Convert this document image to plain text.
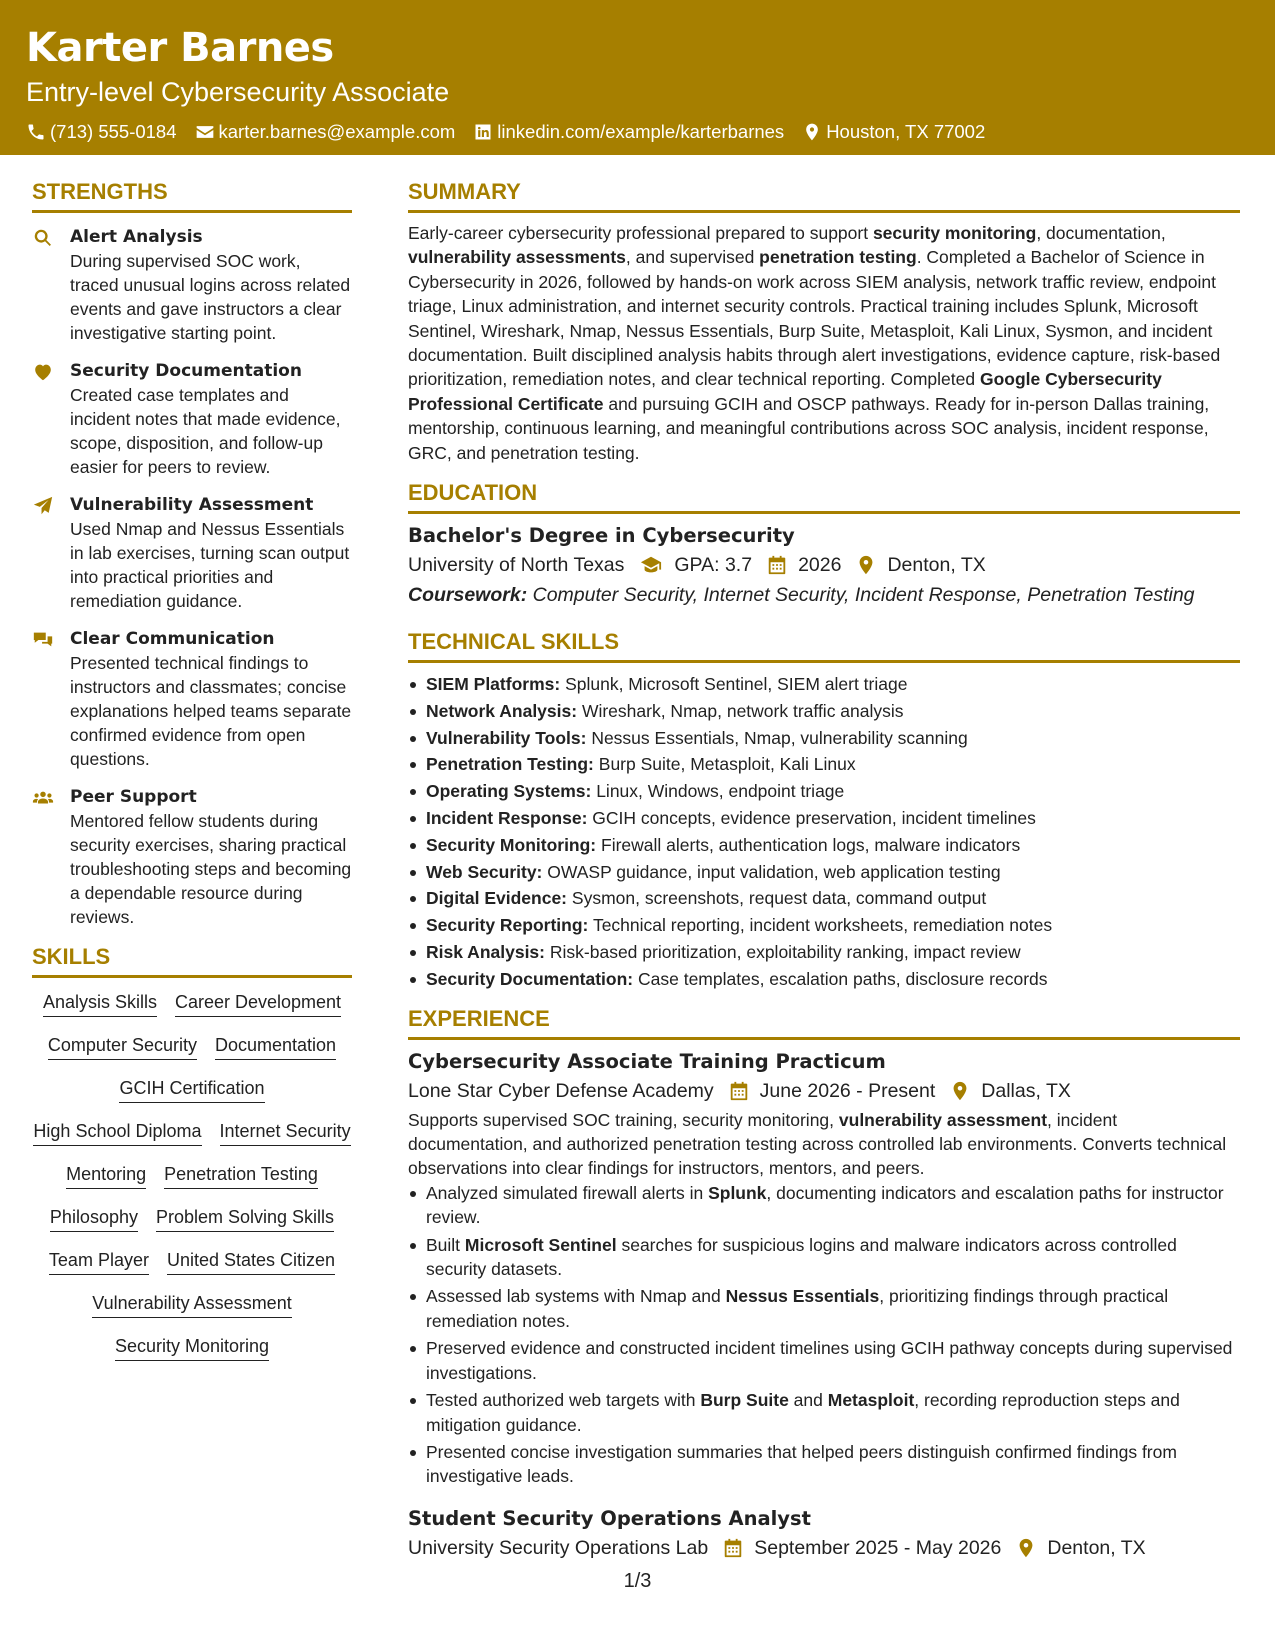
Karter Barnes
Entry-level Cybersecurity Associate
(713) 555-0184 karter.barnes@example.com linkedin.com/example/karterbarnes Houston, TX 77002
STRENGTHS
Alert Analysis
During supervised SOC work, traced unusual logins across related events and gave instructors a clear investigative starting point.
Security Documentation
Created case templates and incident notes that made evidence, scope, disposition, and follow-up easier for peers to review.
Vulnerability Assessment
Used Nmap and Nessus Essentials in lab exercises, turning scan output into practical priorities and remediation guidance.
Clear Communication
Presented technical findings to instructors and classmates; concise explanations helped teams separate confirmed evidence from open questions.
Peer Support
Mentored fellow students during security exercises, sharing practical troubleshooting steps and becoming a dependable resource during reviews.
SKILLS
Analysis Skills Career Development
Computer Security Documentation
GCIH Certification
High School Diploma Internet Security
Mentoring Penetration Testing
Philosophy Problem Solving Skills
Team Player United States Citizen
Vulnerability Assessment
Security Monitoring
SUMMARY
Early-career cybersecurity professional prepared to support security monitoring, documentation, vulnerability assessments, and supervised penetration testing. Completed a Bachelor of Science in Cybersecurity in 2026, followed by hands-on work across SIEM analysis, network traffic review, endpoint triage, Linux administration, and internet security controls. Practical training includes Splunk, Microsoft Sentinel, Wireshark, Nmap, Nessus Essentials, Burp Suite, Metasploit, Kali Linux, Sysmon, and incident documentation. Built disciplined analysis habits through alert investigations, evidence capture, risk-based prioritization, remediation notes, and clear technical reporting. Completed Google Cybersecurity Professional Certificate and pursuing GCIH and OSCP pathways. Ready for in-person Dallas training, mentorship, continuous learning, and meaningful contributions across SOC analysis, incident response, GRC, and penetration testing.
EDUCATION
Bachelor's Degree in Cybersecurity
University of North Texas	GPA: 3.7 2026 Denton, TX
Coursework: Computer Security, Internet Security, Incident Response, Penetration Testing
TECHNICAL SKILLS
SIEM Platforms: Splunk, Microsoft Sentinel, SIEM alert triage
Network Analysis: Wireshark, Nmap, network traffic analysis
Vulnerability Tools: Nessus Essentials, Nmap, vulnerability scanning
Penetration Testing: Burp Suite, Metasploit, Kali Linux
Operating Systems: Linux, Windows, endpoint triage
Incident Response: GCIH concepts, evidence preservation, incident timelines
Security Monitoring: Firewall alerts, authentication logs, malware indicators
Web Security: OWASP guidance, input validation, web application testing
Digital Evidence: Sysmon, screenshots, request data, command output
Security Reporting: Technical reporting, incident worksheets, remediation notes
Risk Analysis: Risk-based prioritization, exploitability ranking, impact review
Security Documentation: Case templates, escalation paths, disclosure records
EXPERIENCE
Cybersecurity Associate Training Practicum
Lone Star Cyber Defense Academy June 2026 - Present Dallas, TX
Supports supervised SOC training, security monitoring, vulnerability assessment, incident documentation, and authorized penetration testing across controlled lab environments. Converts technical observations into clear findings for instructors, mentors, and peers.
Analyzed simulated firewall alerts in Splunk, documenting indicators and escalation paths for instructor review.
Built Microsoft Sentinel searches for suspicious logins and malware indicators across controlled security datasets.
Assessed lab systems with Nmap and Nessus Essentials, prioritizing findings through practical remediation notes.
Preserved evidence and constructed incident timelines using GCIH pathway concepts during supervised investigations.
Tested authorized web targets with Burp Suite and Metasploit, recording reproduction steps and mitigation guidance.
Presented concise investigation summaries that helped peers distinguish confirmed findings from investigative leads.
Student Security Operations Analyst
University Security Operations Lab September 2025 - May 2026 Denton, TX
1/3
